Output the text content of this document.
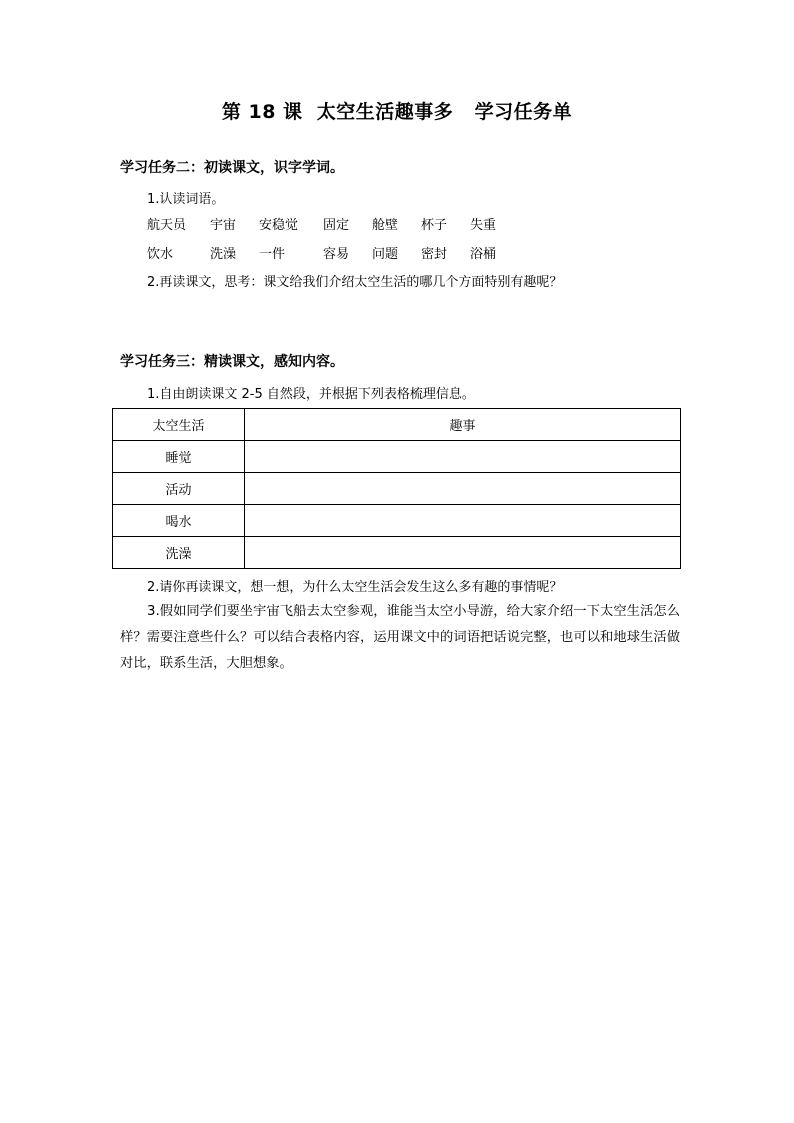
第 18 课  太空生活趣事多   学习任务单
学习任务二：初读课文，识字学词。
1.认读词语。
航天员 宇宙 安稳觉 固定 舱壁 杯子 失重
饮水	洗澡 一件	容易 问题 密封 浴桶
2.再读课文，思考：课文给我们介绍太空生活的哪几个方面特别有趣呢？
学习任务三：精读课文，感知内容。
1.自由朗读课文 2-5 自然段，并根据下列表格梳理信息。
太空生活	趣事
睡觉	
活动	
喝水	
洗澡	
2.请你再读课文，想一想，为什么太空生活会发生这么多有趣的事情呢？
3.假如同学们要坐宇宙飞船去太空参观，谁能当太空小导游，给大家介绍一下太空生活怎么样？需要注意些什么？可以结合表格内容，运用课文中的词语把话说完整，也可以和地球生活做对比，联系生活，大胆想象。
